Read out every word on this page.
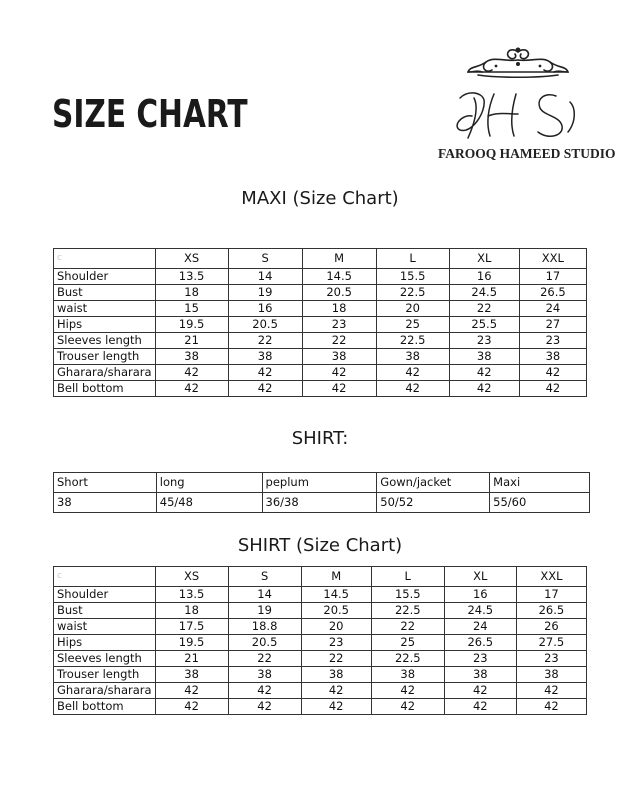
SIZE CHART	FHS
FAROOQ HAMEED STUDIO
MAXI (Size Chart)
c	XS	S	M	L	XL	XXL
Shoulder	13.5	14	14.5	15.5	16	17
Bust	18	19	20.5	22.5	24.5	26.5
waist	15	16	18	20	22	24
Hips	19.5	20.5	23	25	25.5	27
Sleeves length	21	22	22	22.5	23	23
Trouser length	38	38	38	38	38	38
Gharara/sharara	42	42	42	42	42	42
Bell bottom	42	42	42	42	42	42
SHIRT:
Short	long	peplum	Gown/jacket	Maxi
38	45/48	36/38	50/52	55/60
SHIRT (Size Chart)
c	XS	S	M	L	XL	XXL
Shoulder	13.5	14	14.5	15.5	16	17
Bust	18	19	20.5	22.5	24.5	26.5
waist	17.5	18.8	20	22	24	26
Hips	19.5	20.5	23	25	26.5	27.5
Sleeves length	21	22	22	22.5	23	23
Trouser length	38	38	38	38	38	38
Gharara/sharara	42	42	42	42	42	42
Bell bottom	42	42	42	42	42	42
